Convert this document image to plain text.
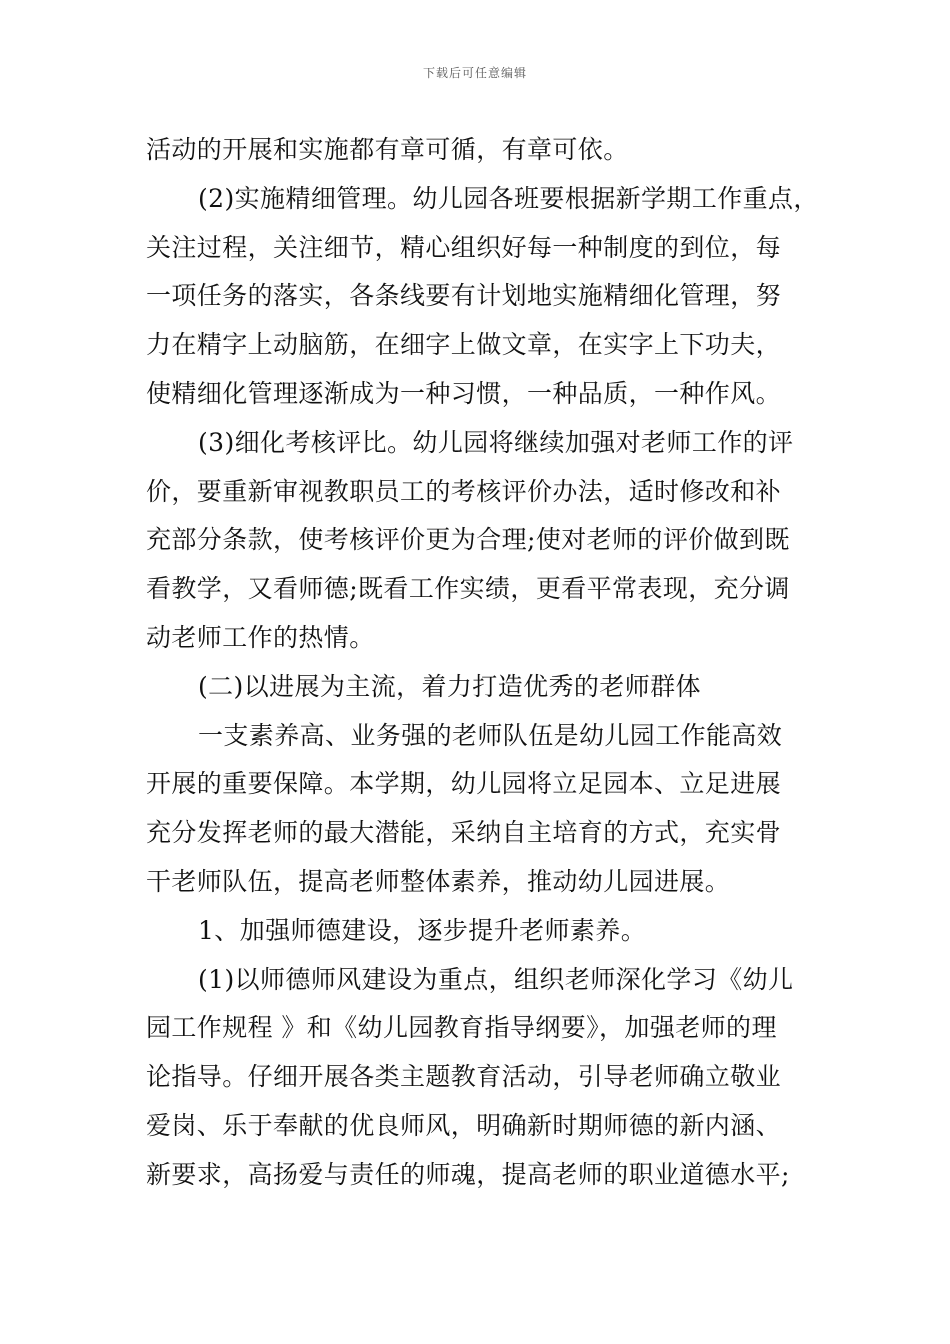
下载后可任意编辑
活动的开展和实施都有章可循，有章可依。
(2)实施精细管理。幼儿园各班要根据新学期工作重点，
关注过程，关注细节，精心组织好每一种制度的到位，每
一项任务的落实，各条线要有计划地实施精细化管理，努
力在精字上动脑筋，在细字上做文章，在实字上下功夫，
使精细化管理逐渐成为一种习惯，一种品质，一种作风。
(3)细化考核评比。幼儿园将继续加强对老师工作的评
价，要重新审视教职员工的考核评价办法，适时修改和补
充部分条款，使考核评价更为合理;使对老师的评价做到既
看教学，又看师德;既看工作实绩，更看平常表现，充分调
动老师工作的热情。
(二)以进展为主流，着力打造优秀的老师群体
一支素养高、业务强的老师队伍是幼儿园工作能高效
开展的重要保障。本学期，幼儿园将立足园本、立足进展
充分发挥老师的最大潜能，采纳自主培育的方式，充实骨
干老师队伍，提高老师整体素养，推动幼儿园进展。
1、加强师德建设，逐步提升老师素养。
(1)以师德师风建设为重点，组织老师深化学习《幼儿
园工作规程 》和《幼儿园教育指导纲要》，加强老师的理
论指导。仔细开展各类主题教育活动，引导老师确立敬业
爱岗、乐于奉献的优良师风，明确新时期师德的新内涵、
新要求，高扬爱与责任的师魂，提高老师的职业道德水平;
